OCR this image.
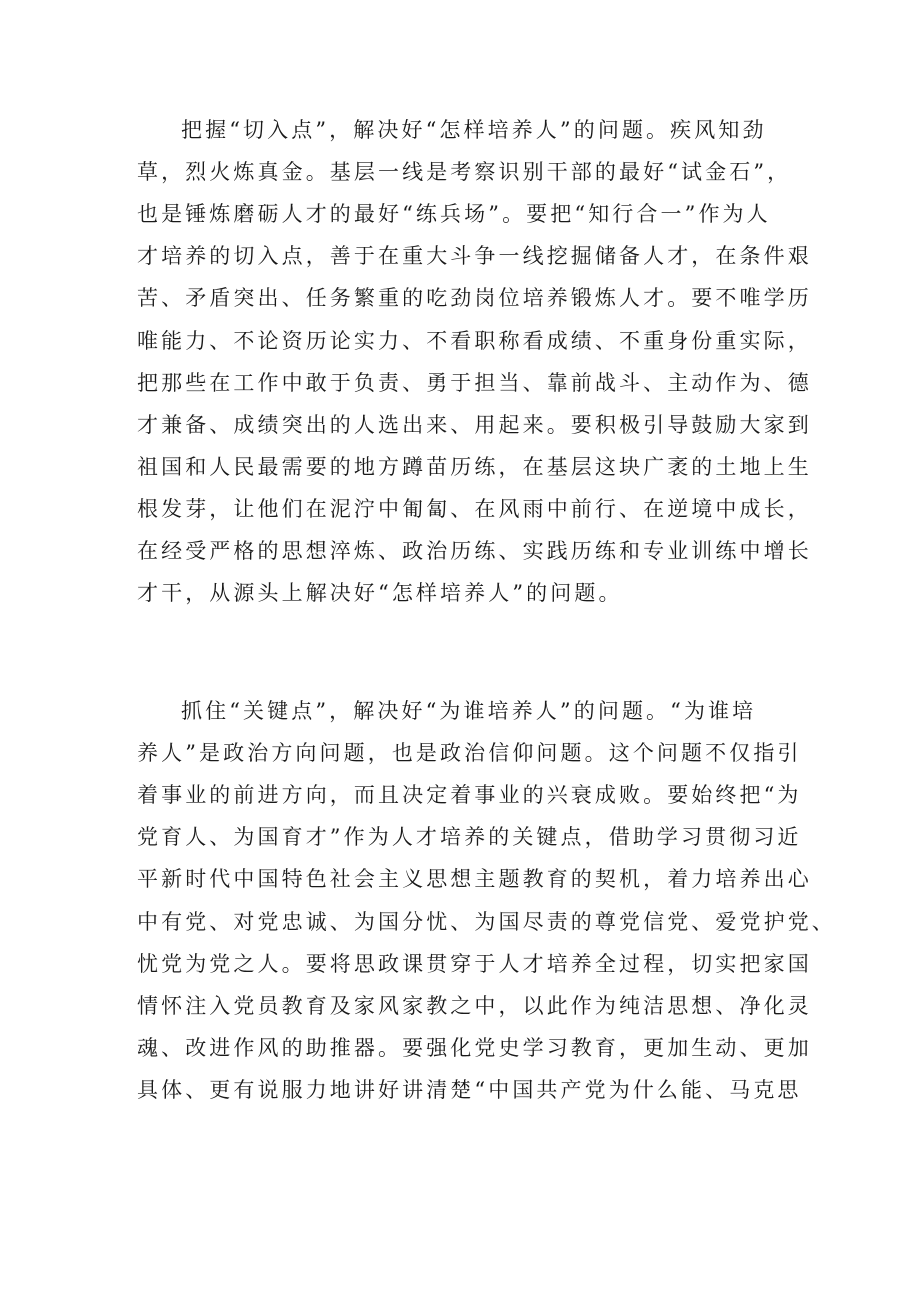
把握“切入点”，解决好“怎样培养人”的问题。疾风知劲
草，烈火炼真金。基层一线是考察识别干部的最好“试金石”，
也是锤炼磨砺人才的最好“练兵场”。要把“知行合一”作为人
才培养的切入点，善于在重大斗争一线挖掘储备人才，在条件艰
苦、矛盾突出、任务繁重的吃劲岗位培养锻炼人才。要不唯学历
唯能力、不论资历论实力、不看职称看成绩、不重身份重实际，
把那些在工作中敢于负责、勇于担当、靠前战斗、主动作为、德
才兼备、成绩突出的人选出来、用起来。要积极引导鼓励大家到
祖国和人民最需要的地方蹲苗历练，在基层这块广袤的土地上生
根发芽，让他们在泥泞中匍匐、在风雨中前行、在逆境中成长，
在经受严格的思想淬炼、政治历练、实践历练和专业训练中增长
才干，从源头上解决好“怎样培养人”的问题。
抓住“关键点”，解决好“为谁培养人”的问题。“为谁培
养人”是政治方向问题，也是政治信仰问题。这个问题不仅指引
着事业的前进方向，而且决定着事业的兴衰成败。要始终把“为
党育人、为国育才”作为人才培养的关键点，借助学习贯彻习近
平新时代中国特色社会主义思想主题教育的契机，着力培养出心
中有党、对党忠诚、为国分忧、为国尽责的尊党信党、爱党护党、
忧党为党之人。要将思政课贯穿于人才培养全过程，切实把家国
情怀注入党员教育及家风家教之中，以此作为纯洁思想、净化灵
魂、改进作风的助推器。要强化党史学习教育，更加生动、更加
具体、更有说服力地讲好讲清楚“中国共产党为什么能、马克思
